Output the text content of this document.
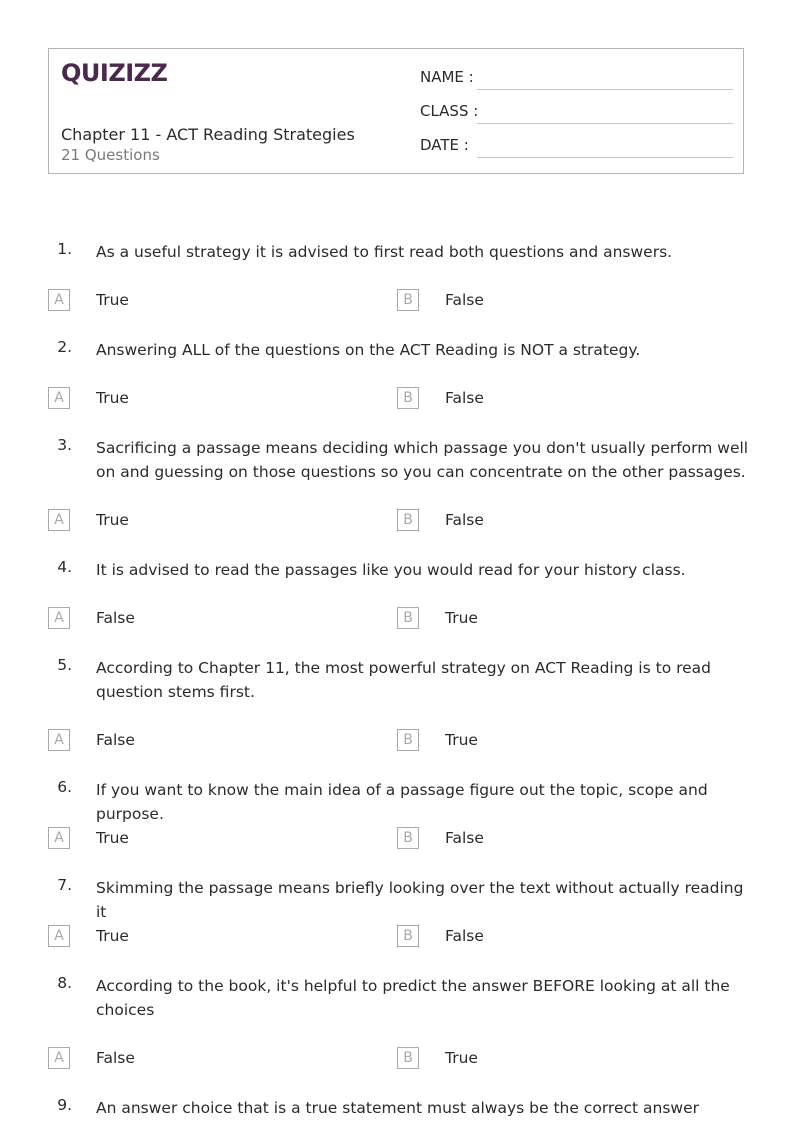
QUIZIZZ
Chapter 11 - ACT Reading Strategies
21 Questions
NAME :
CLASS :
DATE :
1. As a useful strategy it is advised to first read both questions and answers.
A	True	B	False
2. Answering ALL of the questions on the ACT Reading is NOT a strategy.
A	True	B	False
3. Sacrificing a passage means deciding which passage you don't usually perform well on and guessing on those questions so you can concentrate on the other passages.
A	True	B	False
4. It is advised to read the passages like you would read for your history class.
A	False	B	True
5. According to Chapter 11, the most powerful strategy on ACT Reading is to read question stems first.
A	False	B	True
6. If you want to know the main idea of a passage figure out the topic, scope and purpose.
A	True	B	False
7. Skimming the passage means briefly looking over the text without actually reading it
A	True	B	False
8. According to the book, it's helpful to predict the answer BEFORE looking at all the choices
A	False	B	True
9. An answer choice that is a true statement must always be the correct answer
